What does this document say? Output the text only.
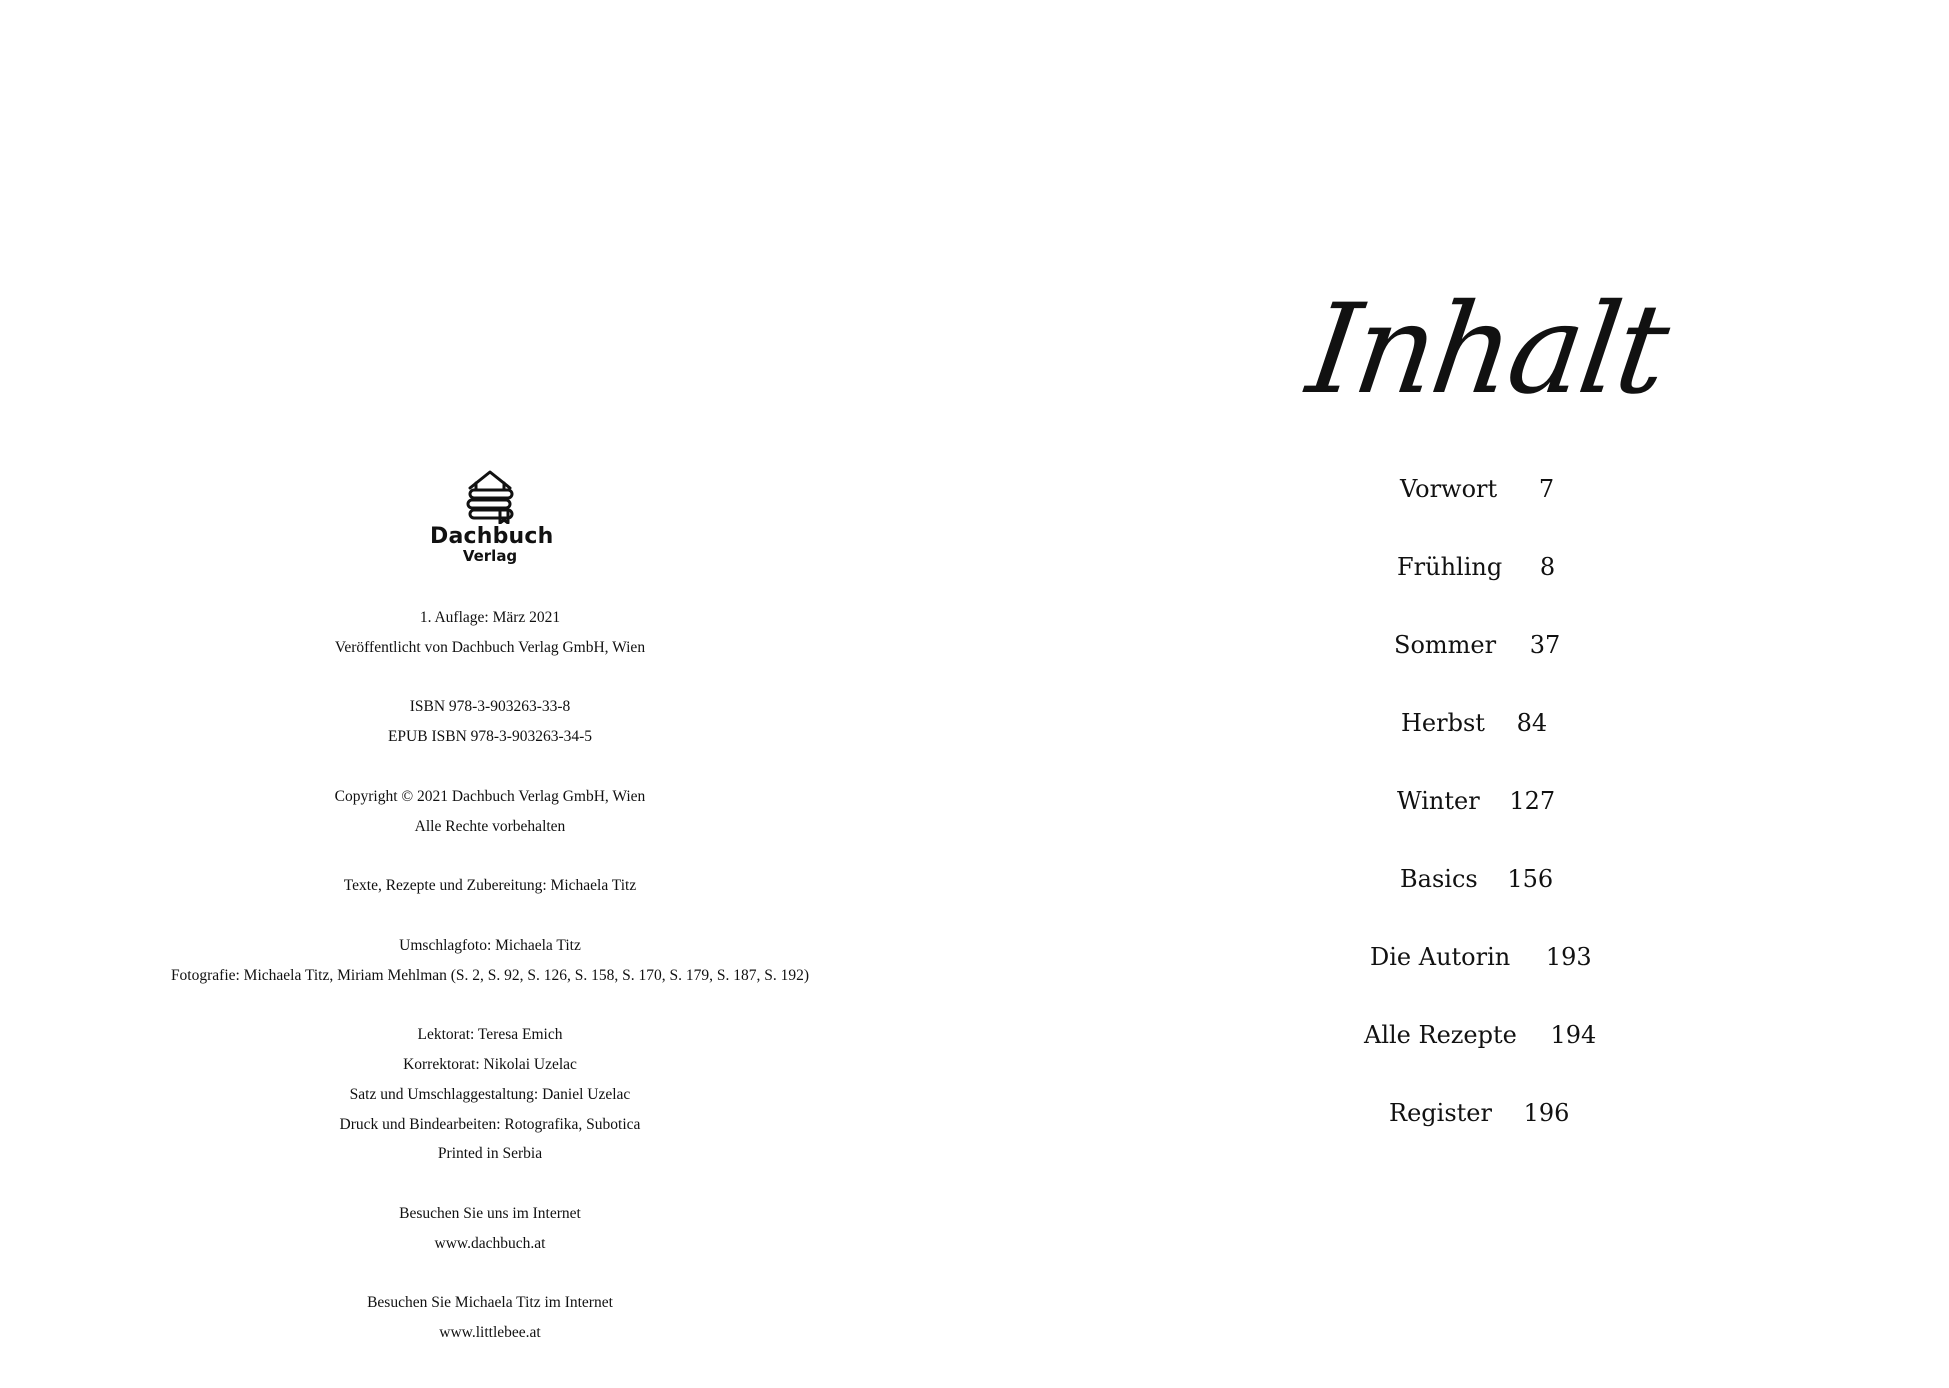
Dachbuch
Verlag
1. Auflage: März 2021
Veröffentlicht von Dachbuch Verlag GmbH, Wien
ISBN 978-3-903263-33-8
EPUB ISBN 978-3-903263-34-5
Copyright © 2021 Dachbuch Verlag GmbH, Wien
Alle Rechte vorbehalten
Texte, Rezepte und Zubereitung: Michaela Titz
Umschlagfoto: Michaela Titz
Fotografie: Michaela Titz, Miriam Mehlman (S. 2, S. 92, S. 126, S. 158, S. 170, S. 179, S. 187, S. 192)
Lektorat: Teresa Emich
Korrektorat: Nikolai Uzelac
Satz und Umschlaggestaltung: Daniel Uzelac
Druck und Bindearbeiten: Rotografika, Subotica
Printed in Serbia
Besuchen Sie uns im Internet
www.dachbuch.at
Besuchen Sie Michaela Titz im Internet
www.littlebee.at
Inhalt
Vorwort 7
Frühling 8
Sommer 37
Herbst 84
Winter 127
Basics 156
Die Autorin 193
Alle Rezepte 194
Register 196
